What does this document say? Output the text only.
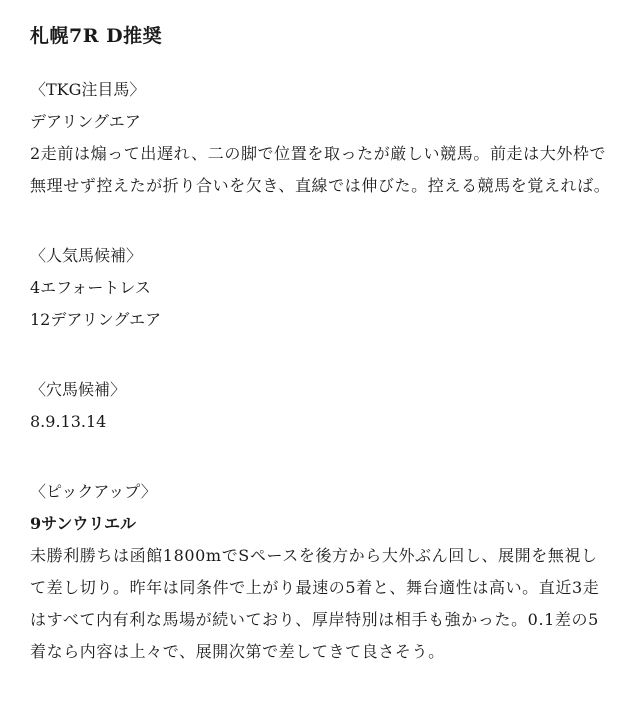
札幌7R D推奨

〈TKG注目馬〉

デアリングエア

2走前は煽って出遅れ、二の脚で位置を取ったが厳しい競馬。前走は大外枠で無理せず控えたが折り合いを欠き、直線では伸びた。控える競馬を覚えれば。

〈人気馬候補〉

4エフォートレス

12デアリングエア

〈穴馬候補〉

8.9.13.14

〈ピックアップ〉

9サンウリエル

未勝利勝ちは函館1800mでSペースを後方から大外ぶん回し、展開を無視して差し切り。昨年は同条件で上がり最速の5着と、舞台適性は高い。直近3走はすべて内有利な馬場が続いており、厚岸特別は相手も強かった。0.1差の5着なら内容は上々で、展開次第で差してきて良さそう。
